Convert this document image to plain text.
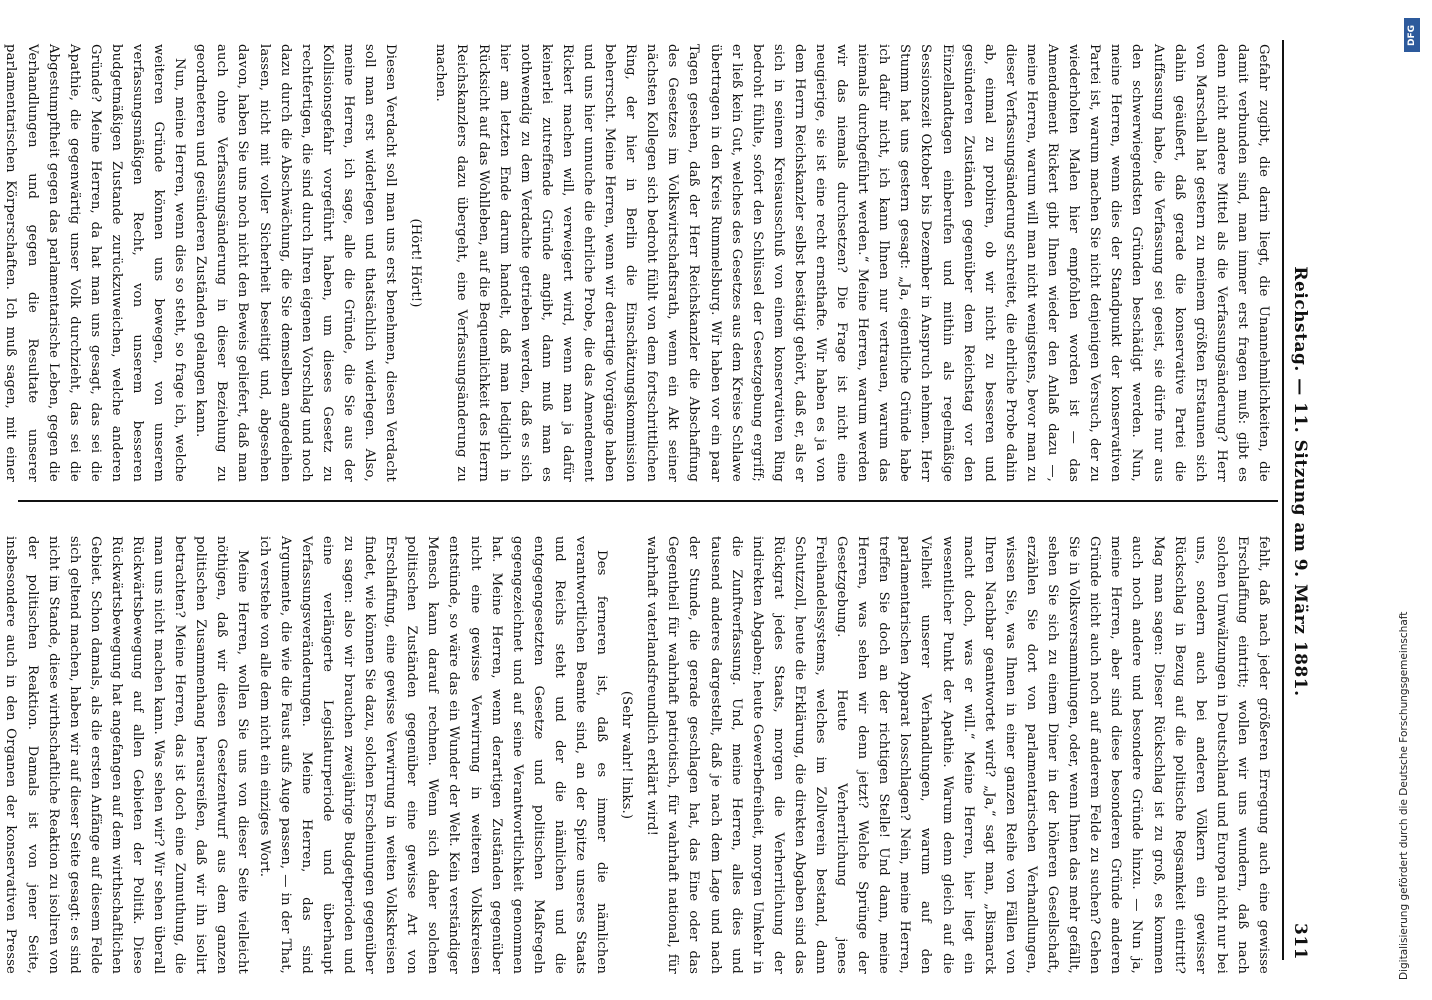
Reichstag. — 11. Sitzung am 9. März 1881.
311

Gefahr zugibt, die darin liegt, die Unannehmlichkeiten, die damit verbunden sind, man immer erst fragen muß: gibt es denn nicht andere Mittel als die Verfassungsänderung? Herr von Marschall hat gestern zu meinem größten Erstaunen sich dahin geäußert, daß gerade die konservative Partei die Auffassung habe, die Verfassung sei geeist, sie dürfe nur aus den schwerwiegendsten Gründen beschädigt werden. Nun, meine Herren, wenn dies der Standpunkt der konservativen Partei ist, warum machen Sie nicht denjenigen Versuch, der zu wiederholten Malen hier empfohlen worden ist — das Amendement Rickert gibt Ihnen wieder den Anlaß dazu —, meine Herren, warum will man nicht wenigstens, bevor man zu dieser Verfassungsänderung schreitet, die ehrliche Probe dahin ab, einmal zu probiren, ob wir nicht zu besseren und gesünderen Zuständen gegenüber dem Reichstag vor den Einzellandtagen einberufen und mithin als regelmäßige Sessionszeit Oktober bis Dezember in Anspruch nehmen. Herr Stumm hat uns gestern gesagt: „Ja, eigentliche Gründe habe ich dafür nicht, ich kann Ihnen nur vertrauen, warum das niemals durchgeführt werden.“ Meine Herren, warum werden wir das niemals durchsetzen? Die Frage ist nicht eine neugierige, sie ist eine recht ernsthafte. Wir haben es ja von dem Herrn Reichskanzler selbst bestätigt gehört, daß er, als er sich in seinem Kreisausschuß von einem konservativen Ring bedroht fühlte, sofort den Schlüssel der Gesetzgebung ergriff; er ließ kein Gut, welches des Gesetzes aus dem Kreise Schlawe übertragen in den Kreis Rummelsburg. Wir haben vor ein paar Tagen gesehen, daß der Herr Reichskanzler die Abschaffung des Gesetzes im Volkswirtschaftsrath, wenn ein Akt seiner nächsten Kollegen sich bedroht fühlt von dem fortschrittlichen Ring, der hier in Berlin die Einschätzungskommission beherrscht. Meine Herren, wenn wir derartige Vorgänge haben und uns hier unnuche die ehrliche Probe, die das Amendement Rickert machen will, verweigert wird, wenn man ja dafür keinerlei zutreffende Gründe angibt, dann muß man es nothwendig zu dem Verdachte getrieben werden, daß es sich hier am letzten Ende darum handelt, daß man lediglich in Rücksicht auf das Wohlleben, auf die Bequemlichkeit des Herrn Reichskanzlers dazu übergeht, eine Verfassungsänderung zu machen.

(Hört! Hört!)

Diesen Verdacht soll man uns erst benehmen, diesen Verdacht soll man erst widerlegen und thatsächlich widerlegen. Also, meine Herren, ich sage, alle die Gründe, die Sie aus der Kollisionsgefahr vorgeführt haben, um dieses Gesetz zu rechtfertigen, die sind durch Ihren eigenen Vorschlag und noch dazu durch die Abschwächung, die Sie demselben angedeihen lassen, nicht mit voller Sicherheit beseitigt und, abgesehen davon, haben Sie uns noch nicht den Beweis geliefert, daß man auch ohne Verfassungsänderung in dieser Beziehung zu geordneteren und gesünderen Zuständen gelangen kann.

Nun, meine Herren, wenn dies so steht, so frage ich, welche weiteren Gründe können uns bewegen, von unserem verfassungsmäßigen Recht, von unserem besseren budgetmäßigen Zustande zurückzuweichen, welche anderen Gründe? Meine Herren, da hat man uns gesagt, das sei die Apathie, die gegenwärtig unser Volk durchzieht, das sei die Abgestumpftheit gegen das parlamentarische Leben, gegen die Verhandlungen und gegen die Resultate unserer parlamentarischen Körperschaften. Ich muß sagen, mit einer

fehlt, daß nach jeder größeren Erregung auch eine gewisse Erschlaffung eintritt; wollen wir uns wundern, daß nach solchen Umwälzungen in Deutschland und Europa nicht nur bei uns, sondern auch bei anderen Völkern ein gewisser Rückschlag in Bezug auf die politische Regsamkeit eintritt? Mag man sagen: Dieser Rückschlag ist zu groß, es kommen auch noch andere und besondere Gründe hinzu. — Nun ja, meine Herren, aber sind diese besonderen Gründe anderen Gründe nicht auch noch auf anderem Felde zu suchen? Gehen Sie in Volksversammlungen, oder, wenn Ihnen das mehr gefällt, sehen Sie sich zu einem Diner in der höheren Gesellschaft, erzählen Sie dort von parlamentarischen Verhandlungen, wissen Sie, was Ihnen in einer ganzen Reihe von Fällen von Ihren Nachbar geantwortet wird? „Ja,“ sagt man, „Bismarck macht doch, was er will.“ Meine Herren, hier liegt ein wesentlicher Punkt der Apathie. Warum denn gleich auf die Vielheit unserer Verhandlungen, warum auf den parlamentarischen Apparat losschlagen? Nein, meine Herren, treffen Sie doch an der richtigen Stelle! Und dann, meine Herren, was sehen wir denn jetzt? Welche Sprünge der Gesetzgebung. Heute Verherrlichung jenes Freihandelssystems, welches im Zollverein bestand, dann Schutzzoll, heute die Erklärung, die direkten Abgaben sind das Rückgrat jedes Staats, morgen die Verherrlichung der indirekten Abgaben; heute Gewerbefreiheit, morgen Umkehr in die Zunftverfassung. Und, meine Herren, alles dies und tausend anderes dargestellt, daß je nach dem Lage und nach der Stunde, die gerade geschlagen hat, das Eine oder das Gegentheil für wahrhaft patriotisch, für wahrhaft national, für wahrhaft vaterlandsfreundlich erklärt wird!

(Sehr wahr! links.)

Des ferneren ist, daß es immer die nämlichen verantwortlichen Beamte sind, an der Spitze unseres Staats und Reichs steht und der die nämlichen und die entgegengesetzten Gesetze und politischen Maßregeln gegengezeichnet und auf seine Verantwortlichkeit genommen hat. Meine Herren, wenn derartigen Zuständen gegenüber nicht eine gewisse Verwirrung in weiteren Volkskreisen entstünde, so wäre das ein Wunder der Welt. Kein verständiger Mensch kann darauf rechnen. Wenn sich daher solchen politischen Zuständen gegenüber eine gewisse Art von Erschlaffung, eine gewisse Verwirrung in weiten Volkskreisen findet, wie können Sie dazu, solchen Erscheinungen gegenüber zu sagen: also wir brauchen zweijährige Budgetperioden und eine verlängerte Legislaturperiode und überhaupt Verfassungsveränderungen. Meine Herren, das sind Argumente, die wie die Faust aufs Auge passen, — in der That, ich verstehe von alle dem nicht ein einziges Wort.

Meine Herren, wollen Sie uns von dieser Seite vielleicht nöthigen, daß wir diesen Gesetzentwurf aus dem ganzen politischen Zusammenhang herausreißen, daß wir ihn isolirt betrachten? Meine Herren, das ist doch eine Zumuthung, die man uns nicht machen kann. Was sehen wir? Wir sehen überall Rückwärtsbewegung auf allen Gebieten der Politik. Diese Rückwärtsbewegung hat angefangen auf dem wirthschaftlichen Gebiet. Schon damals, als die ersten Anfänge auf diesem Felde sich geltend machen, haben wir auf dieser Seite gesagt: es sind nicht im Stande, diese wirthschaftliche Reaktion zu isoliren von der politischen Reaktion. Damals ist von jener Seite, insbesondere auch in den Organen der konservativen Presse	Digitalisierung gefördert durch die Deutsche Forschungsgemeinschaft
DFG
